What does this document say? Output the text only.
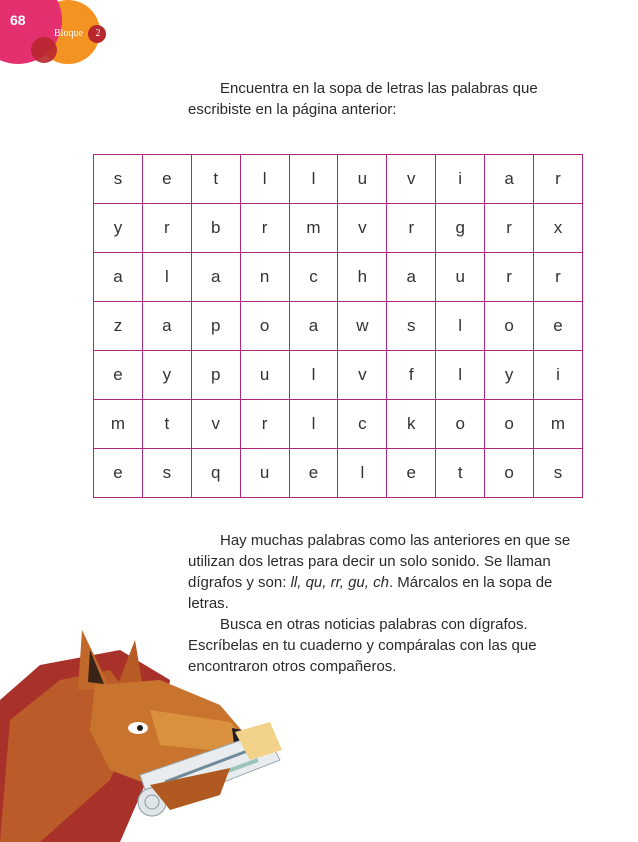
68
Bloque	2

Encuentra en la sopa de letras las palabras que escribiste en la página anterior:

s	e	t	l	l	u	v	i	a	r
y	r	b	r	m	v	r	g	r	x
a	l	a	n	c	h	a	u	r	r
z	a	p	o	a	w	s	l	o	e
e	y	p	u	l	v	f	l	y	i
m	t	v	r	l	c	k	o	o	m
e	s	q	u	e	l	e	t	o	s

Hay muchas palabras como las anteriores en que se utilizan dos letras para decir un solo sonido. Se llaman dígrafos y son: ll, qu, rr, gu, ch. Márcalos en la sopa de letras.

Busca en otras noticias palabras con dígrafos. Escríbelas en tu cuaderno y compáralas con las que encontraron otros compañeros.
